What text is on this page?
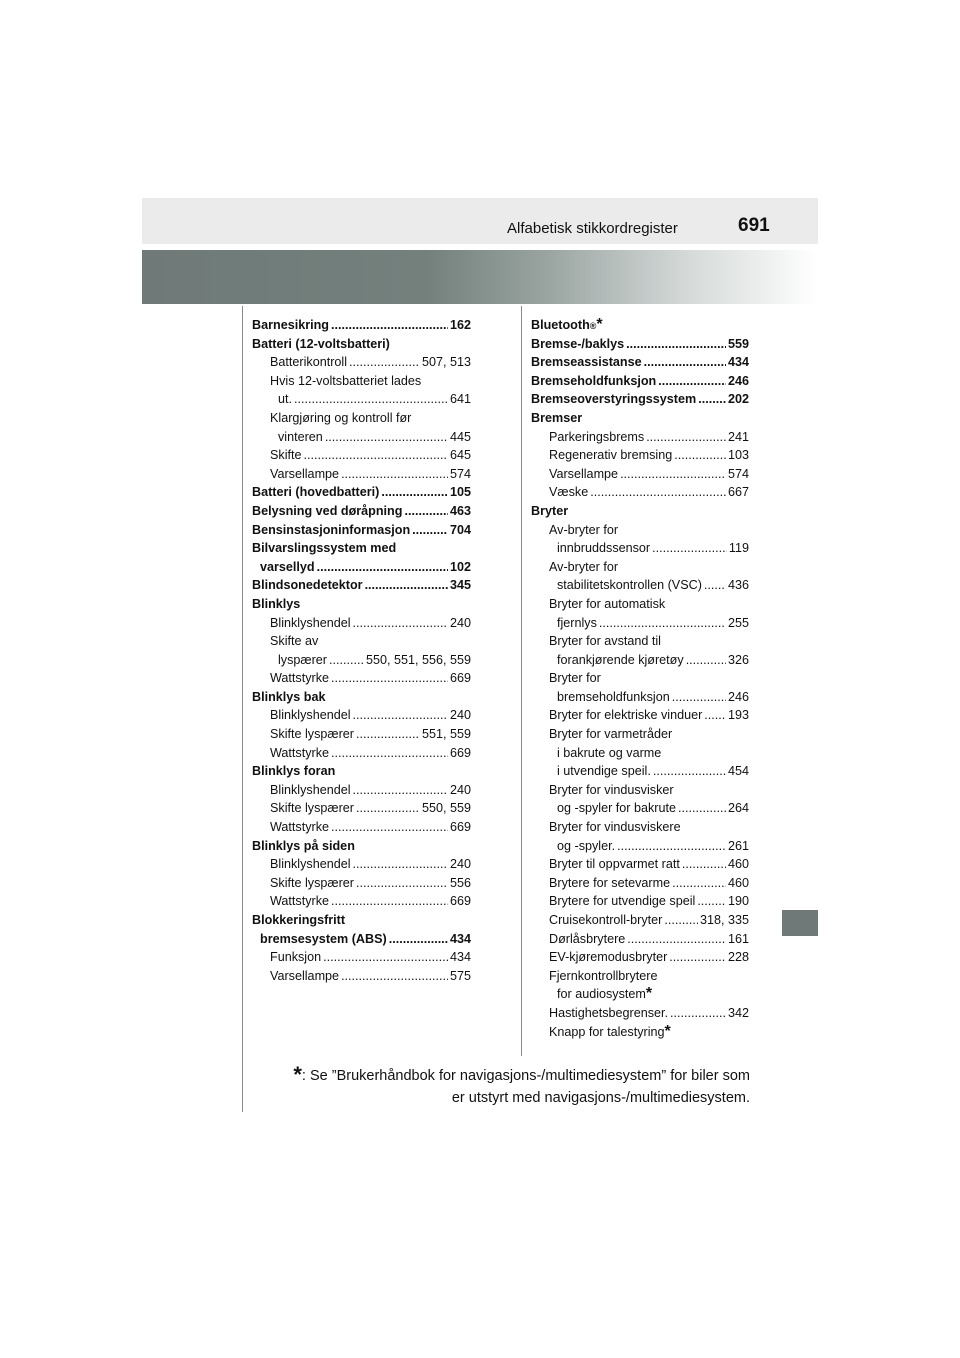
Alfabetisk stikkordregister	691
Barnesikring .....	162
Batteri (12-voltsbatteri)
Batterikontroll .....	507, 513
Hvis 12-voltsbatteriet lades
ut. .....	641
Klargjøring og kontroll før
vinteren .....	445
Skifte .....	645
Varsellampe .....	574
Batteri (hovedbatteri) .....	105
Belysning ved døråpning .....	463
Bensinstasjoninformasjon .....	704
Bilvarslingssystem med
varsellyd .....	102
Blindsonedetektor .....	345
Blinklys
Blinklyshendel .....	240
Skifte av
lyspærer .....	550, 551, 556, 559
Wattstyrke .....	669
Blinklys bak
Blinklyshendel .....	240
Skifte lyspærer .....	551, 559
Wattstyrke .....	669
Blinklys foran
Blinklyshendel .....	240
Skifte lyspærer .....	550, 559
Wattstyrke .....	669
Blinklys på siden
Blinklyshendel .....	240
Skifte lyspærer .....	556
Wattstyrke .....	669
Blokkeringsfritt
bremsesystem (ABS) .....	434
Funksjon .....	434
Varsellampe .....	575
Bluetooth ® *
Bremse-/baklys .....	559
Bremseassistanse .....	434
Bremseholdfunksjon .....	246
Bremseoverstyringssystem .....	202
Bremser
Parkeringsbrems .....	241
Regenerativ bremsing .....	103
Varsellampe .....	574
Væske .....	667
Bryter
Av-bryter for
innbruddssensor .....	119
Av-bryter for
stabilitetskontrollen (VSC) ..... 436
Bryter for automatisk
fjernlys .....	255
Bryter for avstand til
forankjørende kjøretøy .....	326
Bryter for
bremseholdfunksjon .....	246
Bryter for elektriske vinduer ..... 193
Bryter for varmetråder
i bakrute og varme
i utvendige speil. .....	454
Bryter for vindusvisker
og -spyler for bakrute .....	264
Bryter for vindusviskere
og -spyler. .....	261
Bryter til oppvarmet ratt .....	460
Brytere for setevarme .....	460
Brytere for utvendige speil .....	190
Cruisekontroll-bryter .....	318, 335
Dørlåsbrytere .....	161
EV-kjøremodusbryter .....	228
Fjernkontrollbrytere
for audiosystem *
Hastighetsbegrenser. .....	342
Knapp for talestyring *
*: Se ”Brukerhåndbok for navigasjons-/multimediesystem” for biler som
er utstyrt med navigasjons-/multimediesystem.
